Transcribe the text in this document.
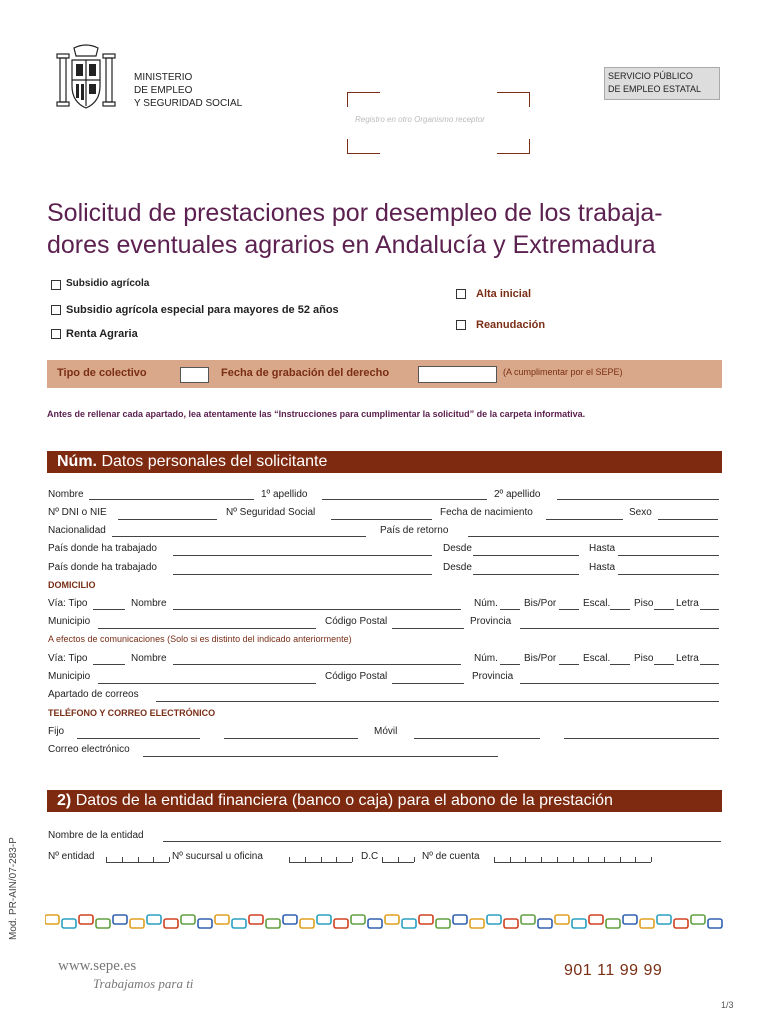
MINISTERIO
DE EMPLEO
Y SEGURIDAD SOCIAL
Registro en otro Organismo receptor
SERVICIO PÚBLICO
DE EMPLEO ESTATAL
Solicitud de prestaciones por desempleo de los trabaja-
dores eventuales agrarios en Andalucía y Extremadura
Subsidio agrícola
Subsidio agrícola especial para mayores de 52 años
Renta Agraria
Alta inicial
Reanudación
Tipo de colectivo	Fecha de grabación del derecho	(A cumplimentar por el SEPE)
Antes de rellenar cada apartado, lea atentamente las “Instrucciones para cumplimentar la solicitud” de la carpeta informativa.
Núm. Datos personales del solicitante
Nombre	1º apellido	2º apellido
Nº DNI o NIE	Nº Seguridad Social	Fecha de nacimiento	Sexo
Nacionalidad	País de retorno
País donde ha trabajado	Desde	Hasta
País donde ha trabajado	Desde	Hasta
DOMICILIO
Vía: Tipo	Nombre	Núm.	Bis/Por	Escal. Piso Letra
Municipio	Código Postal	Provincia
A efectos de comunicaciones (Solo si es distinto del indicado anteriormente)
Vía: Tipo	Nombre	Núm.	Bis/Por	Escal. Piso Letra
Municipio	Código Postal	Provincia
Apartado de correos
TELÉFONO Y CORREO ELECTRÓNICO
Fijo	Móvil
Correo electrónico
2) Datos de la entidad financiera (banco o caja) para el abono de la prestación
Nombre de la entidad
Nº entidad	Nº sucursal u oficina	D.C	Nº de cuenta
Mod. PR-AIN/07-283-P
www.sepe.es
Trabajamos para ti
901 11 99 99
1/3
